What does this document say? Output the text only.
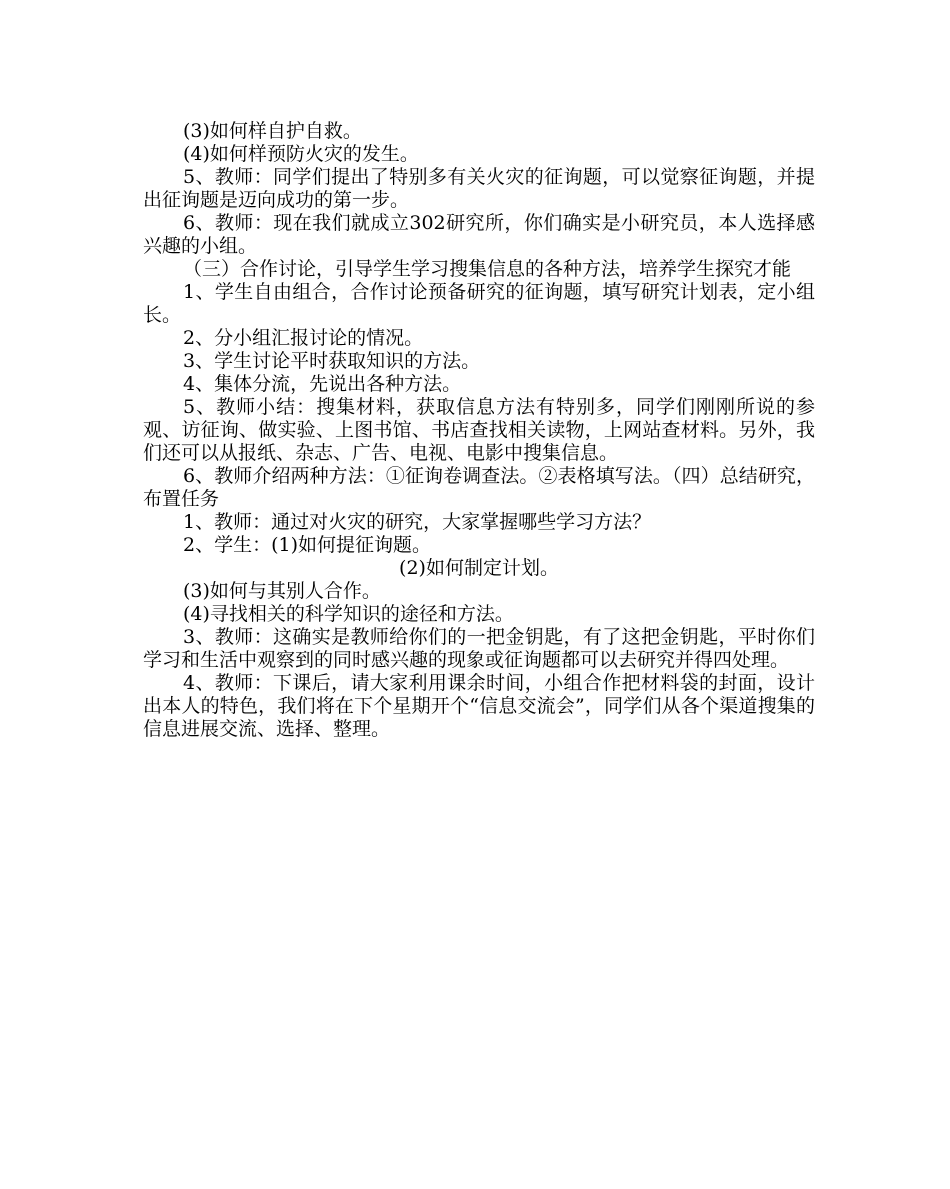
(3)如何样自护自救。

(4)如何样预防火灾的发生。

5、教师：同学们提出了特别多有关火灾的征询题，可以觉察征询题，并提出征询题是迈向成功的第一步。

6、教师：现在我们就成立302研究所，你们确实是小研究员，本人选择感兴趣的小组。

（三）合作讨论，引导学生学习搜集信息的各种方法，培养学生探究才能

1、学生自由组合，合作讨论预备研究的征询题，填写研究计划表，定小组长。

2、分小组汇报讨论的情况。

3、学生讨论平时获取知识的方法。

4、集体分流，先说出各种方法。

5、教师小结：搜集材料，获取信息方法有特别多，同学们刚刚所说的参观、访征询、做实验、上图书馆、书店查找相关读物，上网站查材料。另外，我们还可以从报纸、杂志、广告、电视、电影中搜集信息。

6、教师介绍两种方法：①征询卷调查法。②表格填写法。（四）总结研究，布置任务

1、教师：通过对火灾的研究，大家掌握哪些学习方法？

2、学生：(1)如何提征询题。

(2)如何制定计划。

(3)如何与其别人合作。

(4)寻找相关的科学知识的途径和方法。

3、教师：这确实是教师给你们的一把金钥匙，有了这把金钥匙，平时你们学习和生活中观察到的同时感兴趣的现象或征询题都可以去研究并得四处理。

4、教师：下课后，请大家利用课余时间，小组合作把材料袋的封面，设计出本人的特色，我们将在下个星期开个“信息交流会”，同学们从各个渠道搜集的信息进展交流、选择、整理。
